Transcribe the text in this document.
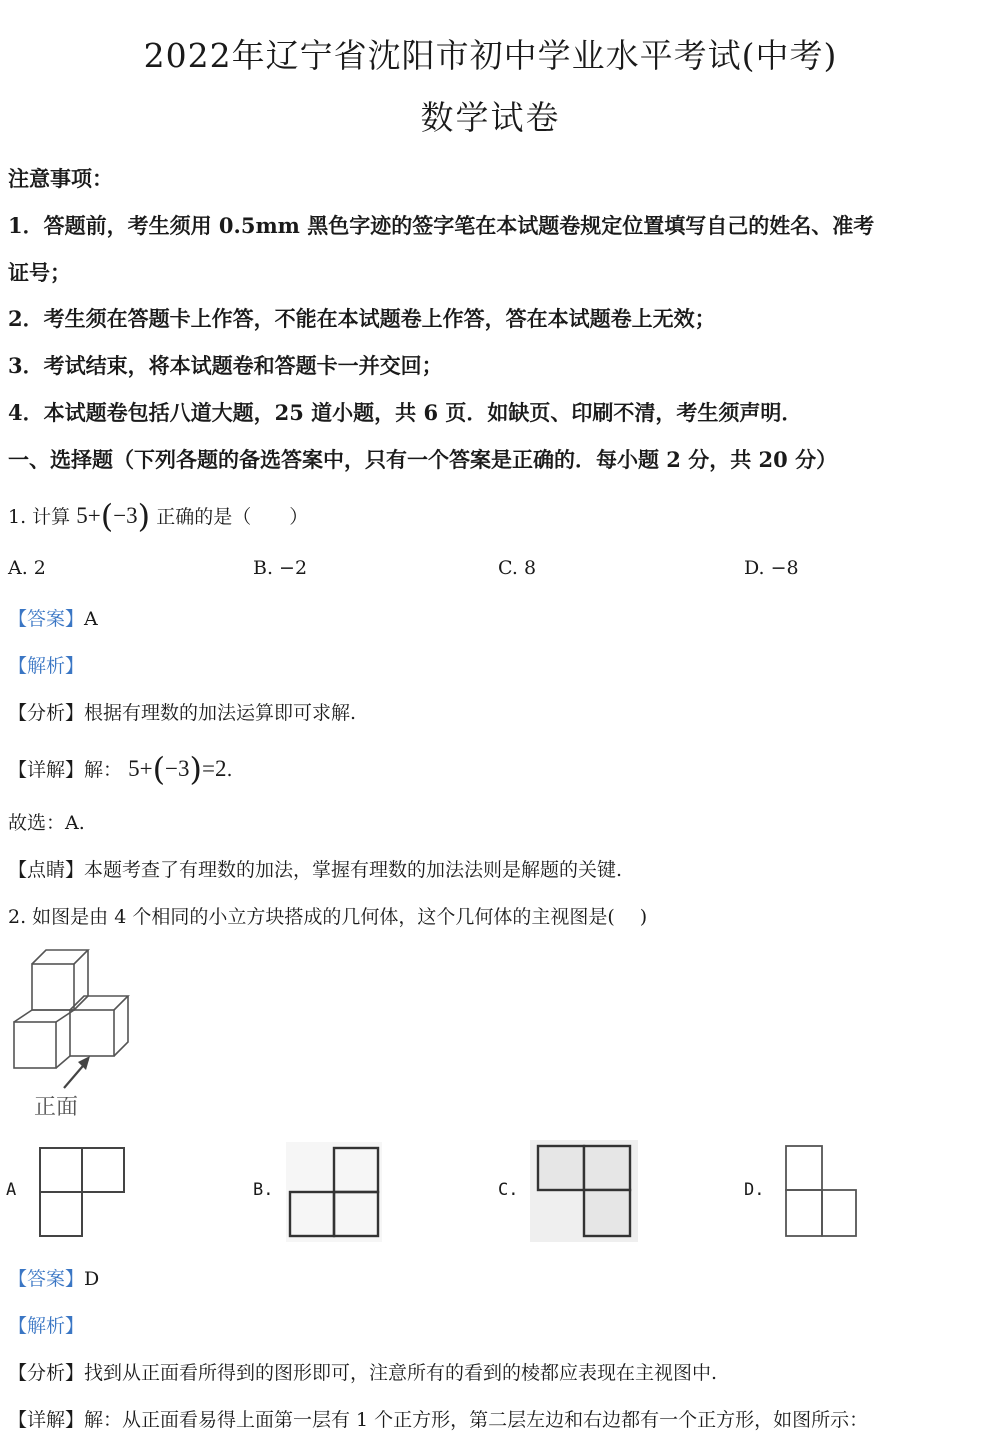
2022年辽宁省沈阳市初中学业水平考试(中考)
数学试卷
注意事项：
1．答题前，考生须用 0.5mm 黑色字迹的签字笔在本试题卷规定位置填写自己的姓名、准考
证号；
2．考生须在答题卡上作答，不能在本试题卷上作答，答在本试题卷上无效；
3．考试结束，将本试题卷和答题卡一并交回；
4．本试题卷包括八道大题，25 道小题，共 6 页．如缺页、印刷不清，考生须声明．
一、选择题（下列各题的备选答案中，只有一个答案是正确的．每小题 2 分，共 20 分）
1. 计算 5+(−3) 正确的是（　　）
A. 2	B. −2	C. 8	D. −8
【答案】A
【解析】
【分析】根据有理数的加法运算即可求解.
【详解】解： 5+(−3)=2.
故选：A.
【点睛】本题考查了有理数的加法，掌握有理数的加法法则是解题的关键.
2. 如图是由 4 个相同的小立方块搭成的几何体，这个几何体的主视图是(　 )
正面
A	B.	C.	D.
【答案】D
【解析】
【分析】找到从正面看所得到的图形即可，注意所有的看到的棱都应表现在主视图中.
【详解】解：从正面看易得上面第一层有 1 个正方形，第二层左边和右边都有一个正方形，如图所示：
